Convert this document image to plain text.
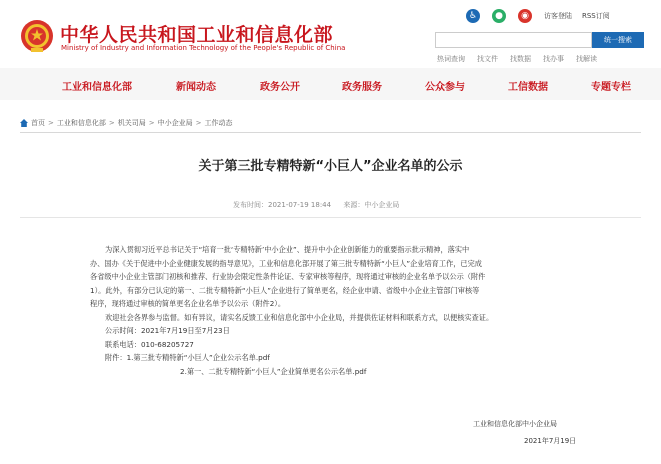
中华人民共和国工业和信息化部
Ministry of Industry and Information Technology of the People's Republic of China
♿	●	◉	访客登陆 RSS订阅
统一搜索
热词查询 找文件 找数据 找办事 找解读
工业和信息化部	新闻动态	政务公开	政务服务	公众参与	工信数据	专题专栏
首页 > 工业和信息化部 > 机关司局 > 中小企业局 > 工作动态
关于第三批专精特新“小巨人”企业名单的公示
发布时间：2021-07-19 18:44 来源：中小企业局

为深入贯彻习近平总书记关于“培育一批‘专精特新’中小企业”、提升中小企业创新能力的重要指示批示精神，落实中

办、国办《关于促进中小企业健康发展的指导意见》，工业和信息化部开展了第三批专精特新“小巨人”企业培育工作，已完成

各省级中小企业主管部门初核和推荐、行业协会限定性条件论证、专家审核等程序，现将通过审核的企业名单予以公示（附件

1）。此外，有部分已认定的第一、二批专精特新“小巨人”企业进行了简单更名，经企业申请、省级中小企业主管部门审核等

程序，现将通过审核的简单更名企业名单予以公示（附件2）。

欢迎社会各界参与监督。如有异议，请实名反馈工业和信息化部中小企业局，并提供佐证材料和联系方式，以便核实查证。

公示时间：2021年7月19日至7月23日

联系电话：010-68205727

附件：1.第三批专精特新“小巨人”企业公示名单.pdf

2.第一、二批专精特新“小巨人”企业简单更名公示名单.pdf

工业和信息化部中小企业局
2021年7月19日
